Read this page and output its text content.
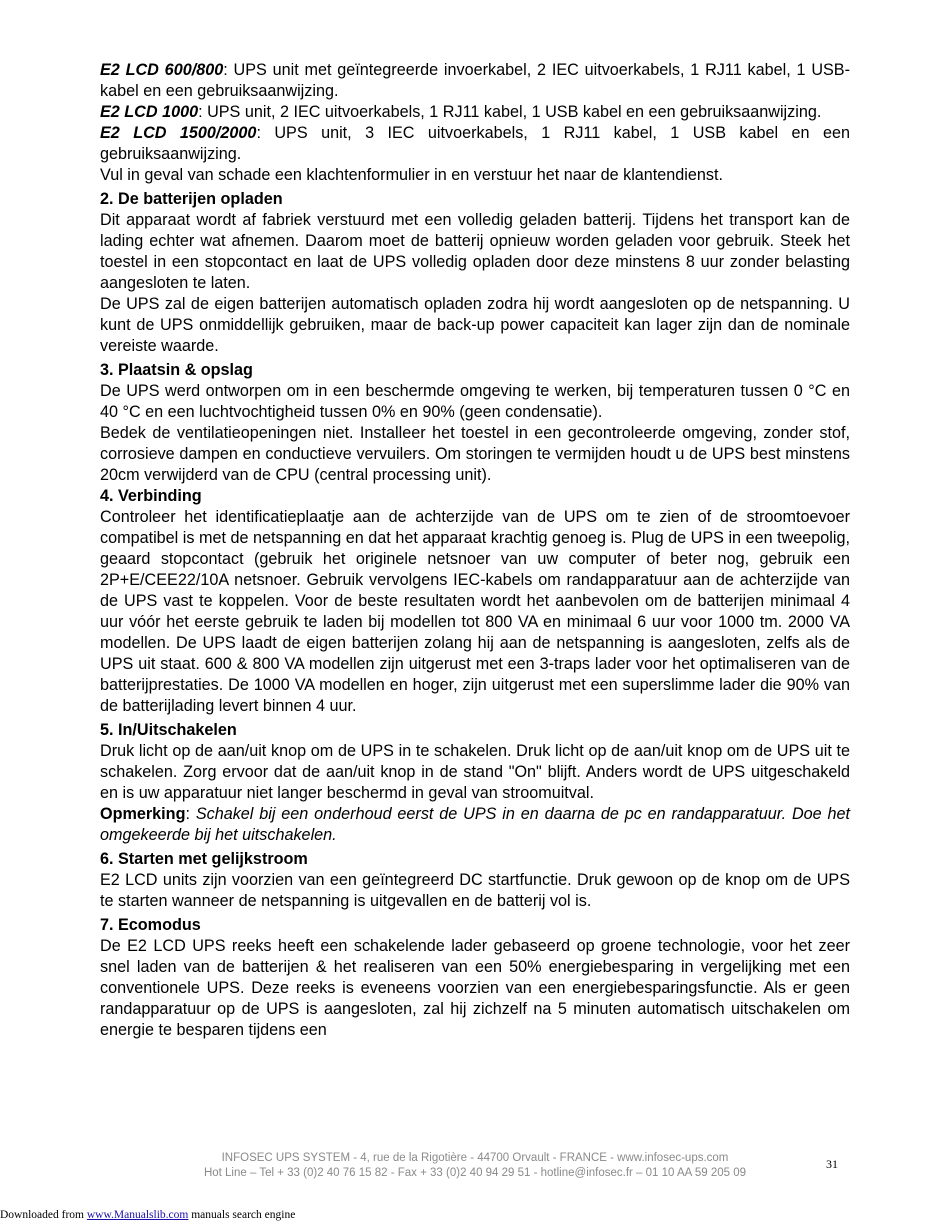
E2 LCD 600/800: UPS unit met geïntegreerde invoerkabel, 2 IEC uitvoerkabels, 1 RJ11 kabel, 1 USB-kabel en een gebruiksaanwijzing.

E2 LCD 1000: UPS unit, 2 IEC uitvoerkabels, 1 RJ11 kabel, 1 USB kabel en een gebruiksaanwijzing.

E2 LCD 1500/2000: UPS unit, 3 IEC uitvoerkabels, 1 RJ11 kabel, 1 USB kabel en een gebruiksaanwijzing.

Vul in geval van schade een klachtenformulier in en verstuur het naar de klantendienst.

2. De batterijen opladen

Dit apparaat wordt af fabriek verstuurd met een volledig geladen batterij. Tijdens het transport kan de lading echter wat afnemen. Daarom moet de batterij opnieuw worden geladen voor gebruik. Steek het toestel in een stopcontact en laat de UPS volledig opladen door deze minstens 8 uur zonder belasting aangesloten te laten.

De UPS zal de eigen batterijen automatisch opladen zodra hij wordt aangesloten op de netspanning. U kunt de UPS onmiddellijk gebruiken, maar de back-up power capaciteit kan lager zijn dan de nominale vereiste waarde.

3. Plaatsin & opslag

De UPS werd ontworpen om in een beschermde omgeving te werken, bij temperaturen tussen 0 °C en 40 °C en een luchtvochtigheid tussen 0% en 90% (geen condensatie).

Bedek de ventilatieopeningen niet. Installeer het toestel in een gecontroleerde omgeving, zonder stof, corrosieve dampen en conductieve vervuilers. Om storingen te vermijden houdt u de UPS best minstens 20cm verwijderd van de CPU (central processing unit).

4. Verbinding

Controleer het identificatieplaatje aan de achterzijde van de UPS om te zien of de stroomtoevoer compatibel is met de netspanning en dat het apparaat krachtig genoeg is. Plug de UPS in een tweepolig, geaard stopcontact (gebruik het originele netsnoer van uw computer of beter nog, gebruik een 2P+E/CEE22/10A netsnoer. Gebruik vervolgens IEC-kabels om randapparatuur aan de achterzijde van de UPS vast te koppelen. Voor de beste resultaten wordt het aanbevolen om de batterijen minimaal 4 uur vóór het eerste gebruik te laden bij modellen tot 800 VA en minimaal 6 uur voor 1000 tm. 2000 VA modellen. De UPS laadt de eigen batterijen zolang hij aan de netspanning is aangesloten, zelfs als de UPS uit staat. 600 & 800 VA modellen zijn uitgerust met een 3-traps lader voor het optimaliseren van de batterijprestaties. De 1000 VA modellen en hoger, zijn uitgerust met een superslimme lader die 90% van de batterijlading levert binnen 4 uur.

5. In/Uitschakelen

Druk licht op de aan/uit knop om de UPS in te schakelen. Druk licht op de aan/uit knop om de UPS uit te schakelen. Zorg ervoor dat de aan/uit knop in de stand "On" blijft. Anders wordt de UPS uitgeschakeld en is uw apparatuur niet langer beschermd in geval van stroomuitval.

Opmerking: Schakel bij een onderhoud eerst de UPS in en daarna de pc en randapparatuur. Doe het omgekeerde bij het uitschakelen.

6. Starten met gelijkstroom

E2 LCD units zijn voorzien van een geïntegreerd DC startfunctie. Druk gewoon op de knop om de UPS te starten wanneer de netspanning is uitgevallen en de batterij vol is.

7. Ecomodus

De E2 LCD UPS reeks heeft een schakelende lader gebaseerd op groene technologie, voor het zeer snel laden van de batterijen & het realiseren van een 50% energiebesparing in vergelijking met een conventionele UPS. Deze reeks is eveneens voorzien van een energiebesparingsfunctie. Als er geen randapparatuur op de UPS is aangesloten, zal hij zichzelf na 5 minuten automatisch uitschakelen om energie te besparen tijdens een

INFOSEC UPS SYSTEM - 4, rue de la Rigotière - 44700 Orvault - FRANCE - www.infosec-ups.com
Hot Line – Tel + 33 (0)2 40 76 15 82 - Fax + 33 (0)2 40 94 29 51 - hotline@infosec.fr – 01 10 AA 59 205 09
31
Downloaded from www.Manualslib.com manuals search engine
